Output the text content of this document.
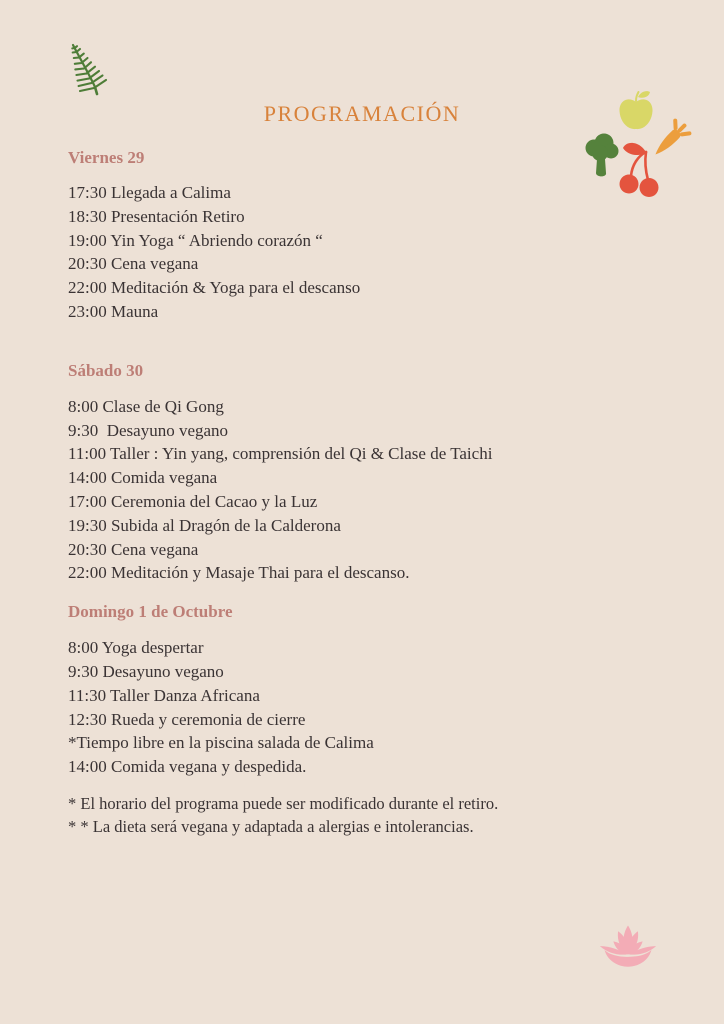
PROGRAMACIÓN
Viernes 29
17:30 Llegada a Calima
18:30 Presentación Retiro
19:00 Yin Yoga “ Abriendo corazón “
20:30 Cena vegana
22:00 Meditación & Yoga para el descanso
23:00 Mauna
Sábado 30
8:00 Clase de Qi Gong
9:30  Desayuno vegano
11:00 Taller : Yin yang, comprensión del Qi & Clase de Taichi
14:00 Comida vegana
17:00 Ceremonia del Cacao y la Luz
19:30 Subida al Dragón de la Calderona
20:30 Cena vegana
22:00 Meditación y Masaje Thai para el descanso.
Domingo 1 de Octubre
8:00 Yoga despertar
9:30 Desayuno vegano
11:30 Taller Danza Africana
12:30 Rueda y ceremonia de cierre
*Tiempo libre en la piscina salada de Calima
14:00 Comida vegana y despedida.

* El horario del programa puede ser modificado durante el retiro.

* * La dieta será vegana y adaptada a alergias e intolerancias.
